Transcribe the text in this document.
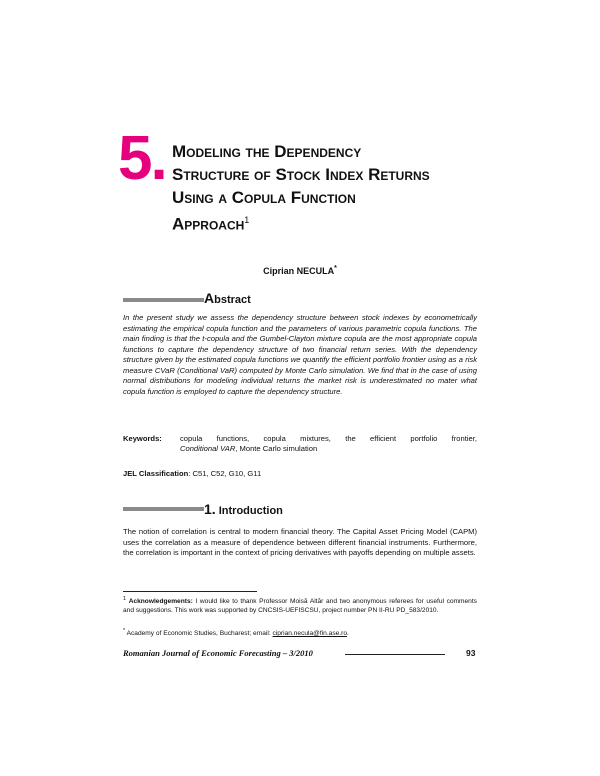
5. Modeling the Dependency
Structure of Stock Index Returns
Using a Copula Function
Approach$^1$
Ciprian NECULA*
Abstract
In the present study we assess the dependency structure between stock indexes by econometrically estimating the empirical copula function and the parameters of various parametric copula functions. The main finding is that the t-copula and the Gumbel-Clayton mixture copula are the most appropriate copula functions to capture the dependency structure of two financial return series. With the dependency structure given by the estimated copula functions we quantify the efficient portfolio frontier using as a risk measure CVaR (Conditional VaR) computed by Monte Carlo simulation. We find that in the case of using normal distributions for modeling individual returns the market risk is underestimated no mater what copula function is employed to capture the dependency structure.
Keywords: copula functions, copula mixtures, the efficient portfolio frontier,
Conditional VAR, Monte Carlo simulation
JEL Classification: C51, C52, G10, G11
1. Introduction
The notion of correlation is central to modern financial theory. The Capital Asset Pricing Model (CAPM) uses the correlation as a measure of dependence between different financial instruments. Furthermore, the correlation is important in the context of pricing derivatives with payoffs depending on multiple assets.
$^1$ Acknowledgements: I would like to thank Professor Moisă Altăr and two anonymous referees for useful comments and suggestions. This work was supported by CNCSIS-UEFISCSU, project number PN II-RU PD_583/2010.
* Academy of Economic Studies, Bucharest; email: ciprian.necula@fin.ase.ro.
Romanian Journal of Economic Forecasting – 3/2010	93
